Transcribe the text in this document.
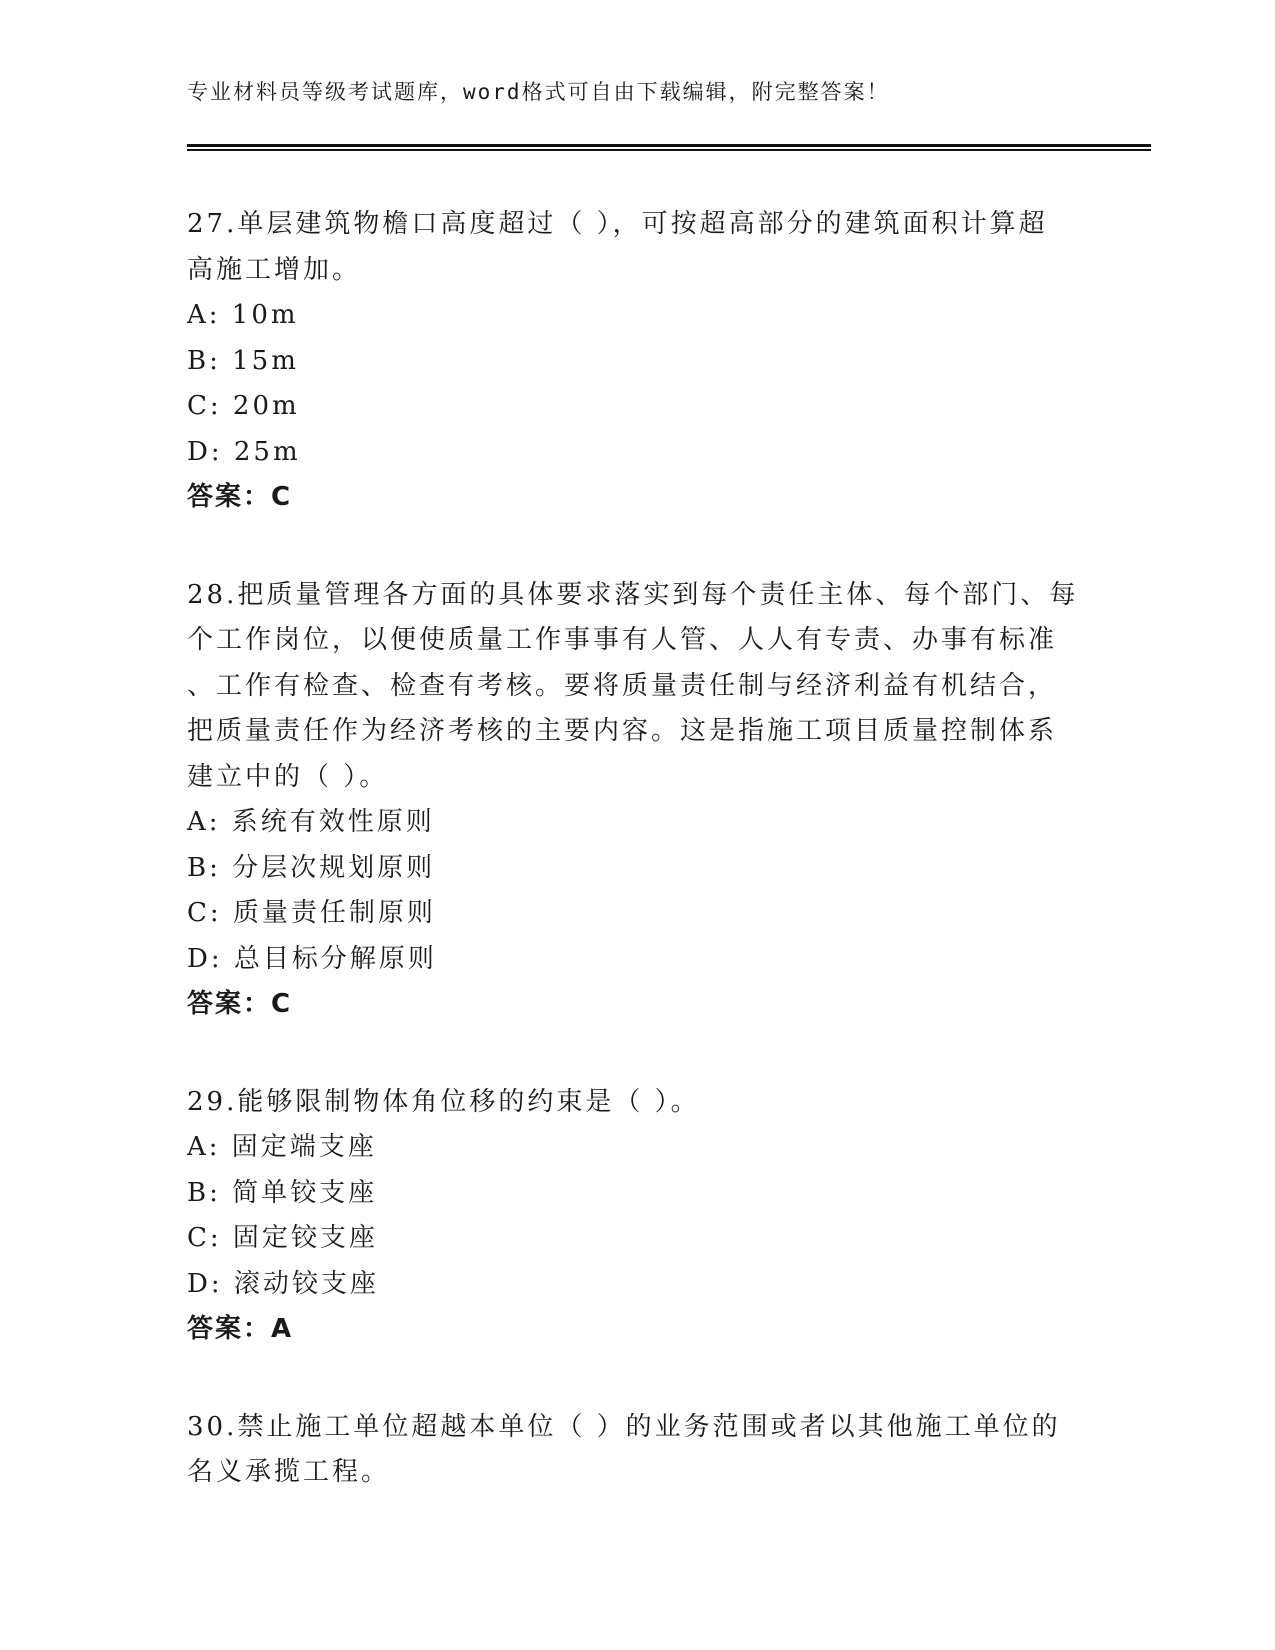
专业材料员等级考试题库，word格式可自由下载编辑，附完整答案！
27.单层建筑物檐口高度超过（ ），可按超高部分的建筑面积计算超
高施工增加。
A: 10m
B: 15m
C: 20m
D: 25m
答案：C
28.把质量管理各方面的具体要求落实到每个责任主体、每个部门、每
个工作岗位，以便使质量工作事事有人管、人人有专责、办事有标准
、工作有检查、检查有考核。要将质量责任制与经济利益有机结合，
把质量责任作为经济考核的主要内容。这是指施工项目质量控制体系
建立中的（ ）。
A: 系统有效性原则
B: 分层次规划原则
C: 质量责任制原则
D: 总目标分解原则
答案：C
29.能够限制物体角位移的约束是（ ）。
A: 固定端支座
B: 简单铰支座
C: 固定铰支座
D: 滚动铰支座
答案：A
30.禁止施工单位超越本单位（ ）的业务范围或者以其他施工单位的
名义承揽工程。
